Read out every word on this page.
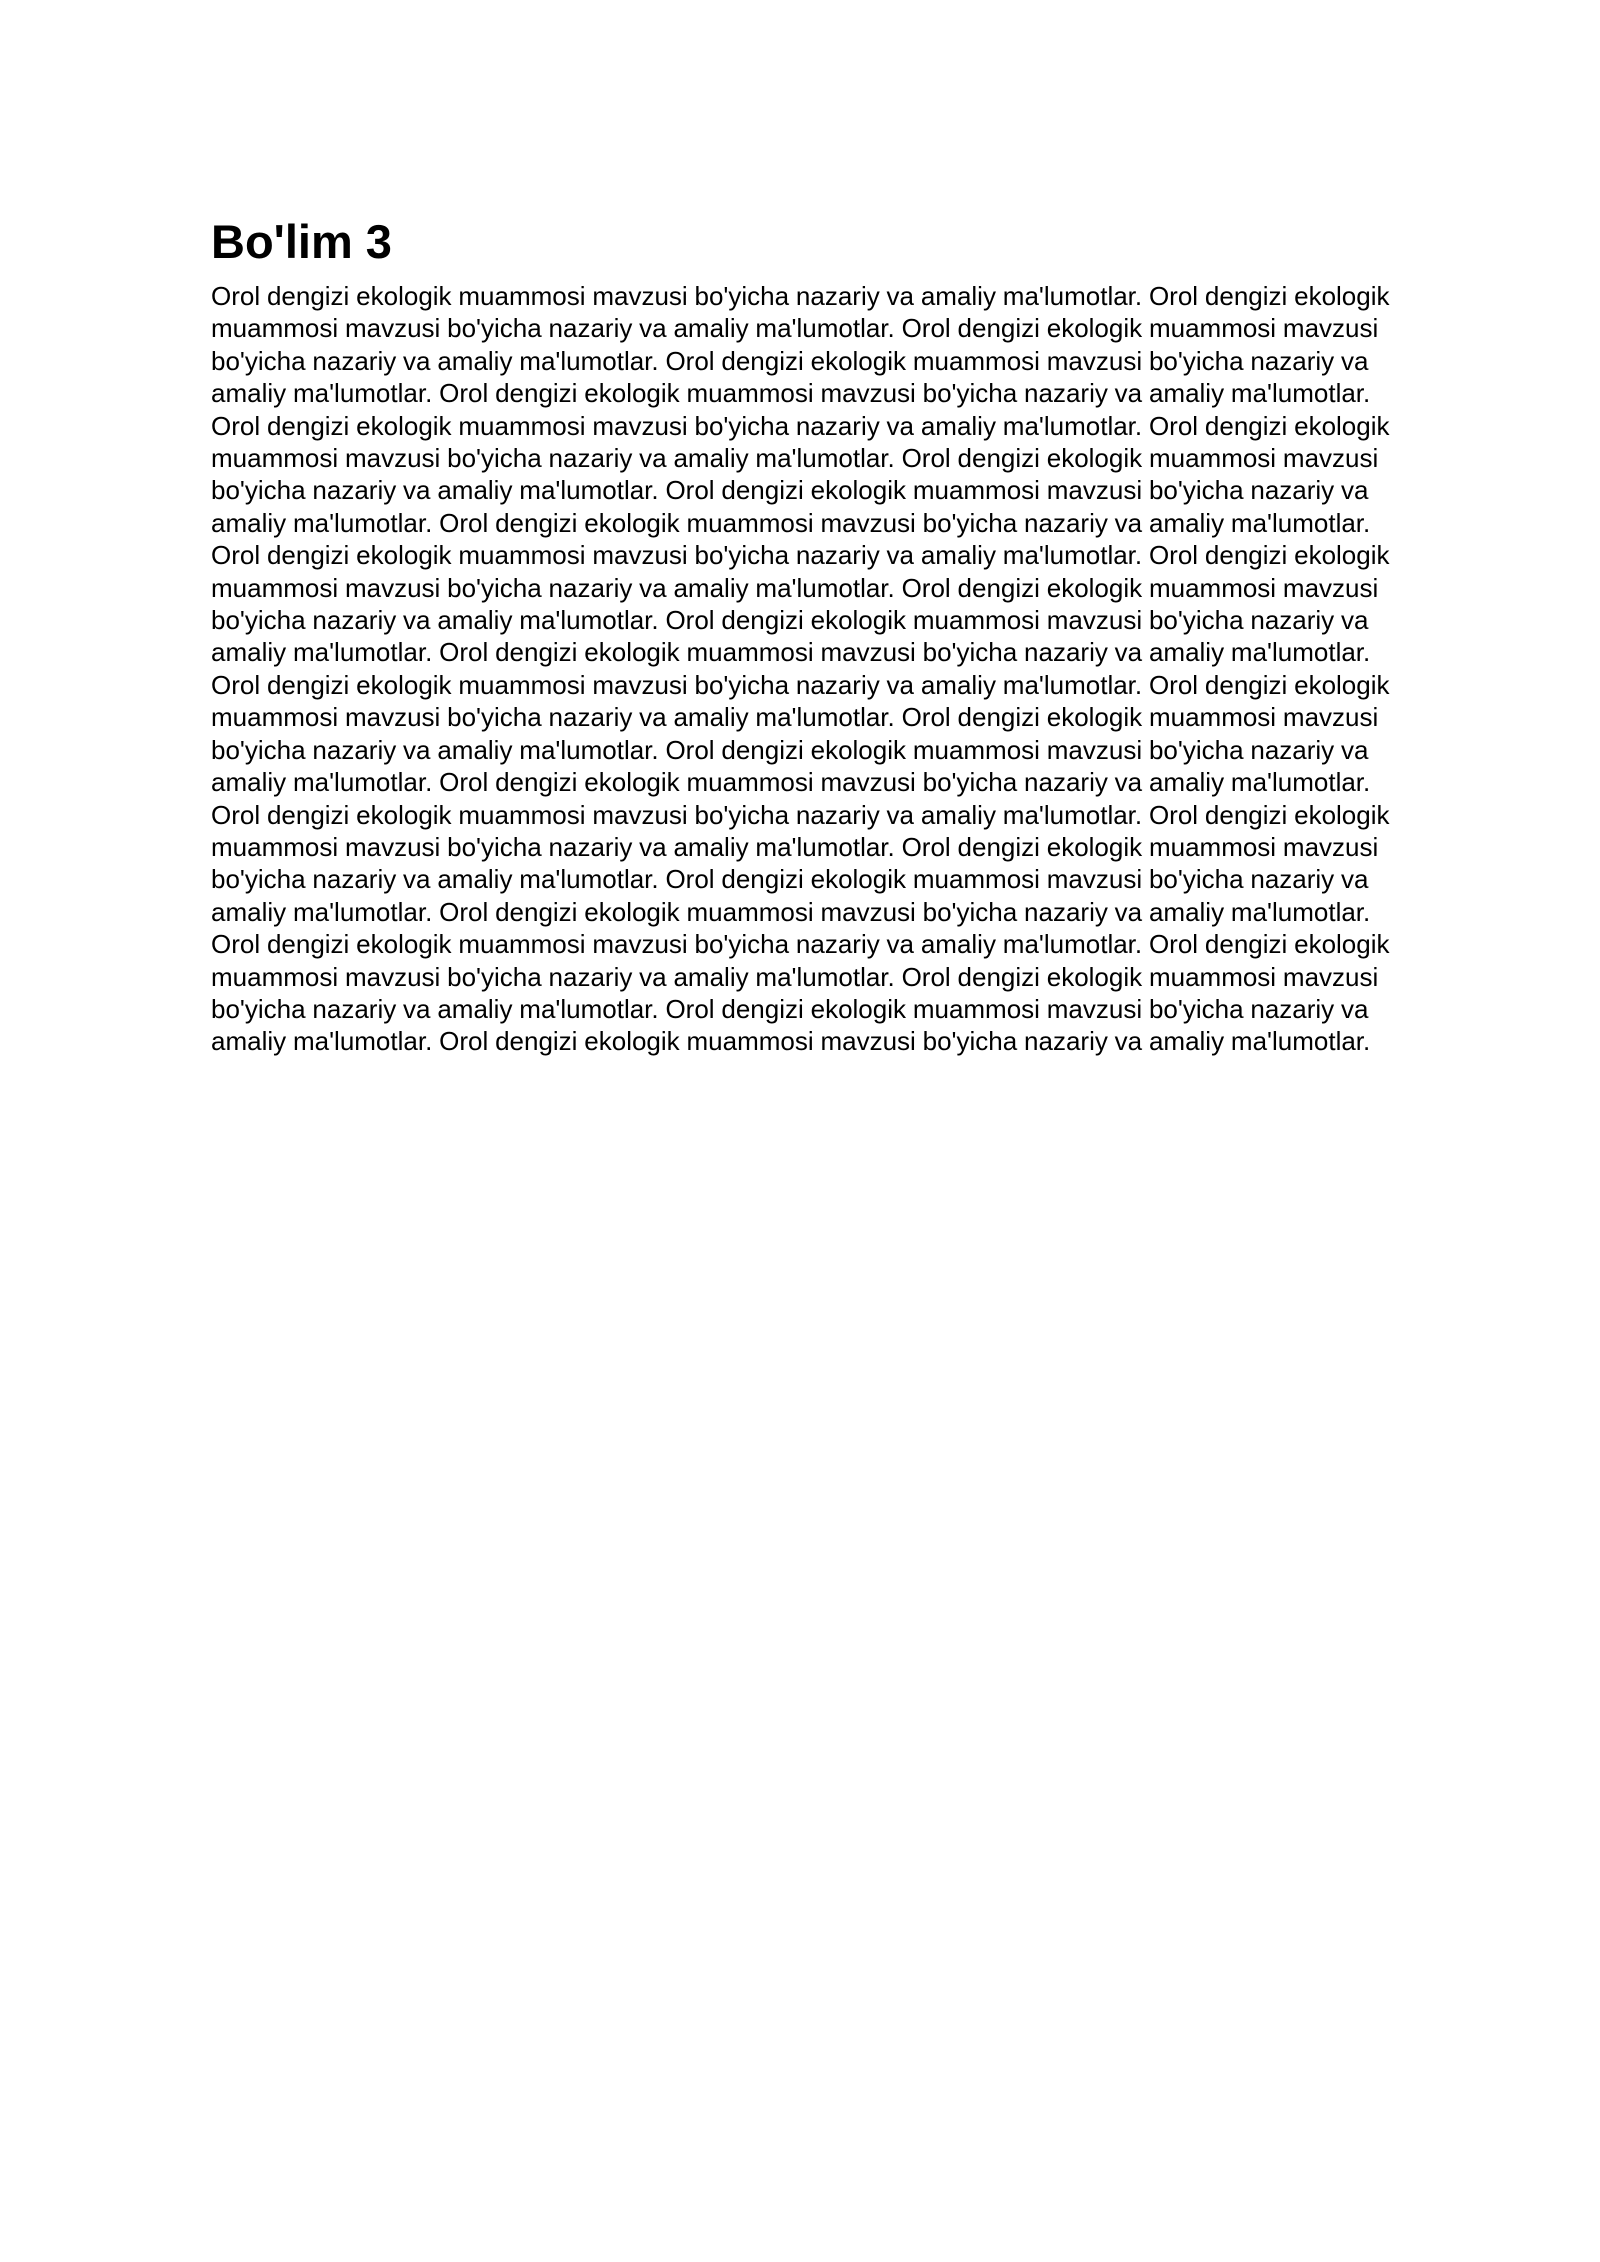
Bo'lim 3

Orol dengizi ekologik muammosi mavzusi bo'yicha nazariy va amaliy ma'lumotlar. Orol dengizi ekologik muammosi mavzusi bo'yicha nazariy va amaliy ma'lumotlar. Orol dengizi ekologik muammosi mavzusi bo'yicha nazariy va amaliy ma'lumotlar. Orol dengizi ekologik muammosi mavzusi bo'yicha nazariy va amaliy ma'lumotlar. Orol dengizi ekologik muammosi mavzusi bo'yicha nazariy va amaliy ma'lumotlar. Orol dengizi ekologik muammosi mavzusi bo'yicha nazariy va amaliy ma'lumotlar. Orol dengizi ekologik muammosi mavzusi bo'yicha nazariy va amaliy ma'lumotlar. Orol dengizi ekologik muammosi mavzusi bo'yicha nazariy va amaliy ma'lumotlar. Orol dengizi ekologik muammosi mavzusi bo'yicha nazariy va amaliy ma'lumotlar. Orol dengizi ekologik muammosi mavzusi bo'yicha nazariy va amaliy ma'lumotlar. Orol dengizi ekologik muammosi mavzusi bo'yicha nazariy va amaliy ma'lumotlar. Orol dengizi ekologik muammosi mavzusi bo'yicha nazariy va amaliy ma'lumotlar. Orol dengizi ekologik muammosi mavzusi bo'yicha nazariy va amaliy ma'lumotlar. Orol dengizi ekologik muammosi mavzusi bo'yicha nazariy va amaliy ma'lumotlar. Orol dengizi ekologik muammosi mavzusi bo'yicha nazariy va amaliy ma'lumotlar. Orol dengizi ekologik muammosi mavzusi bo'yicha nazariy va amaliy ma'lumotlar. Orol dengizi ekologik muammosi mavzusi bo'yicha nazariy va amaliy ma'lumotlar. Orol dengizi ekologik muammosi mavzusi bo'yicha nazariy va amaliy ma'lumotlar. Orol dengizi ekologik muammosi mavzusi bo'yicha nazariy va amaliy ma'lumotlar. Orol dengizi ekologik muammosi mavzusi bo'yicha nazariy va amaliy ma'lumotlar. Orol dengizi ekologik muammosi mavzusi bo'yicha nazariy va amaliy ma'lumotlar. Orol dengizi ekologik muammosi mavzusi bo'yicha nazariy va amaliy ma'lumotlar. Orol dengizi ekologik muammosi mavzusi bo'yicha nazariy va amaliy ma'lumotlar. Orol dengizi ekologik muammosi mavzusi bo'yicha nazariy va amaliy ma'lumotlar. Orol dengizi ekologik muammosi mavzusi bo'yicha nazariy va amaliy ma'lumotlar. Orol dengizi ekologik muammosi mavzusi bo'yicha nazariy va amaliy ma'lumotlar. Orol dengizi ekologik muammosi mavzusi bo'yicha nazariy va amaliy ma'lumotlar. Orol dengizi ekologik muammosi mavzusi bo'yicha nazariy va amaliy ma'lumotlar. Orol dengizi ekologik muammosi mavzusi bo'yicha nazariy va amaliy ma'lumotlar. Orol dengizi ekologik muammosi mavzusi bo'yicha nazariy va amaliy ma'lumotlar.
